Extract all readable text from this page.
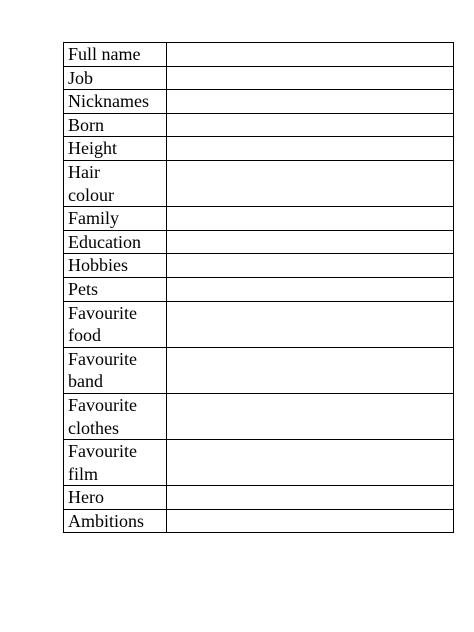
Full name	

Job	

Nicknames	

Born	

Height	

Hair
colour	

Family	

Education	

Hobbies	

Pets	

Favourite
food	

Favourite
band	

Favourite
clothes	

Favourite
film	

Hero	

Ambitions	
